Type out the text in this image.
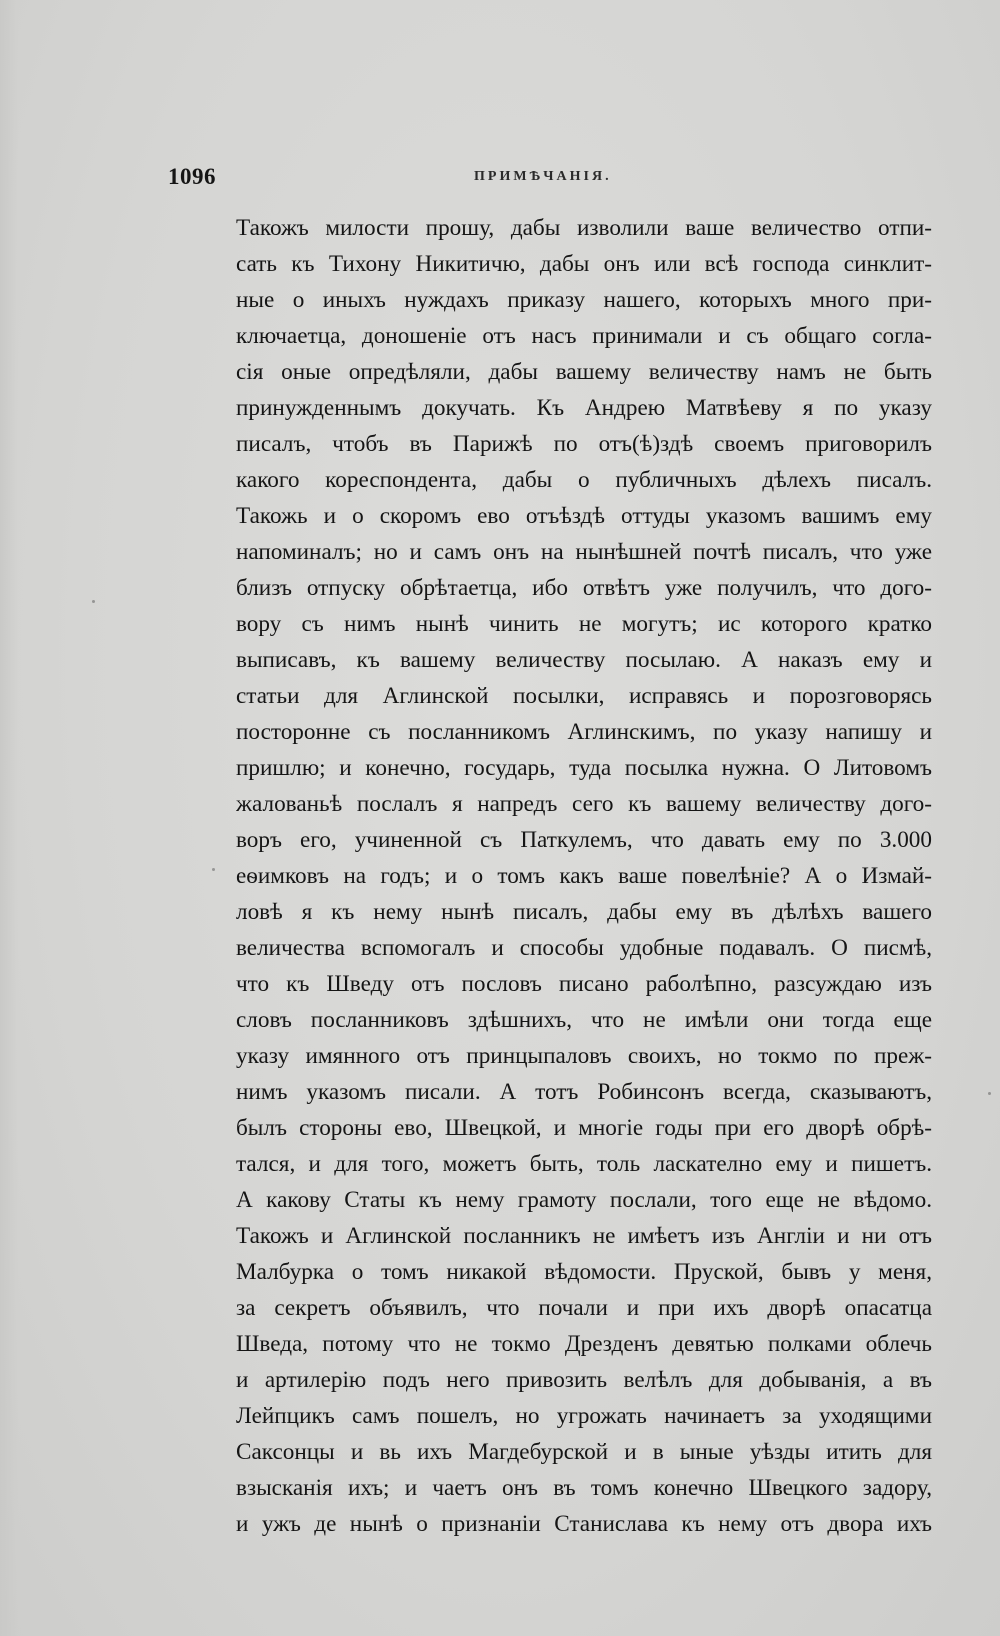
1096	ПРИМѢЧАНІЯ.
Такожъ милости прошу, дабы изволили ваше величество отпи-
сать къ Тихону Никитичю, дабы онъ или всѣ господа синклит-
ные о иныхъ нуждахъ приказу нашего, которыхъ много при-
ключаетца, доношеніе отъ насъ принимали и съ общаго согла-
сія оные опредѣляли, дабы вашему величеству намъ не быть
принужденнымъ докучать. Къ Андрею Матвѣеву я по указу
писалъ, чтобъ въ Парижѣ по отъ(ѣ)здѣ своемъ приговорилъ
какого кореспондента, дабы о публичныхъ дѣлехъ писалъ.
Такожь и о скоромъ ево отъѣздѣ оттуды указомъ вашимъ ему
напоминалъ; но и самъ онъ на нынѣшней почтѣ писалъ, что уже
близъ отпуску обрѣтаетца, ибо отвѣтъ уже получилъ, что дого-
вору съ нимъ нынѣ чинить не могутъ; ис которого кратко
выписавъ, къ вашему величеству посылаю. А наказъ ему и
статьи для Аглинской посылки, исправясь и порозговорясь
посторонне съ посланникомъ Аглинскимъ, по указу напишу и
пришлю; и конечно, государь, туда посылка нужна. О Литовомъ
жалованьѣ послалъ я напредъ сего къ вашему величеству дого-
воръ его, учиненной съ Паткулемъ, что давать ему по 3.000
еѳимковъ на годъ; и о томъ какъ ваше повелѣніе? А о Измай-
ловѣ я къ нему нынѣ писалъ, дабы ему въ дѣлѣхъ вашего
величества вспомогалъ и способы удобные подавалъ. О писмѣ,
что къ Шведу отъ пословъ писано раболѣпно, разсуждаю изъ
словъ посланниковъ здѣшнихъ, что не имѣли они тогда еще
указу имянного отъ принцыпаловъ своихъ, но токмо по преж-
нимъ указомъ писали. А тотъ Робинсонъ всегда, сказываютъ,
былъ стороны ево, Швецкой, и многіе годы при его дворѣ обрѣ-
тался, и для того, можетъ быть, толь ласкателно ему и пишетъ.
А какову Статы къ нему грамоту послали, того еще не вѣдомо.
Такожъ и Аглинской посланникъ не имѣетъ изъ Англіи и ни отъ
Малбурка о томъ никакой вѣдомости. Пруской, бывъ у меня,
за секретъ объявилъ, что почали и при ихъ дворѣ опасатца
Шведа, потому что не токмо Дрезденъ девятью полками облечь
и артилерію подъ него привозить велѣлъ для добыванія, а въ
Лейпцикъ самъ пошелъ, но угрожать начинаетъ за уходящими
Саксонцы и вь ихъ Магдебурской и в ыные уѣзды итить для
взысканія ихъ; и чаетъ онъ въ томъ конечно Швецкого задору,
и ужъ де нынѣ о признаніи Станислава къ нему отъ двора ихъ
